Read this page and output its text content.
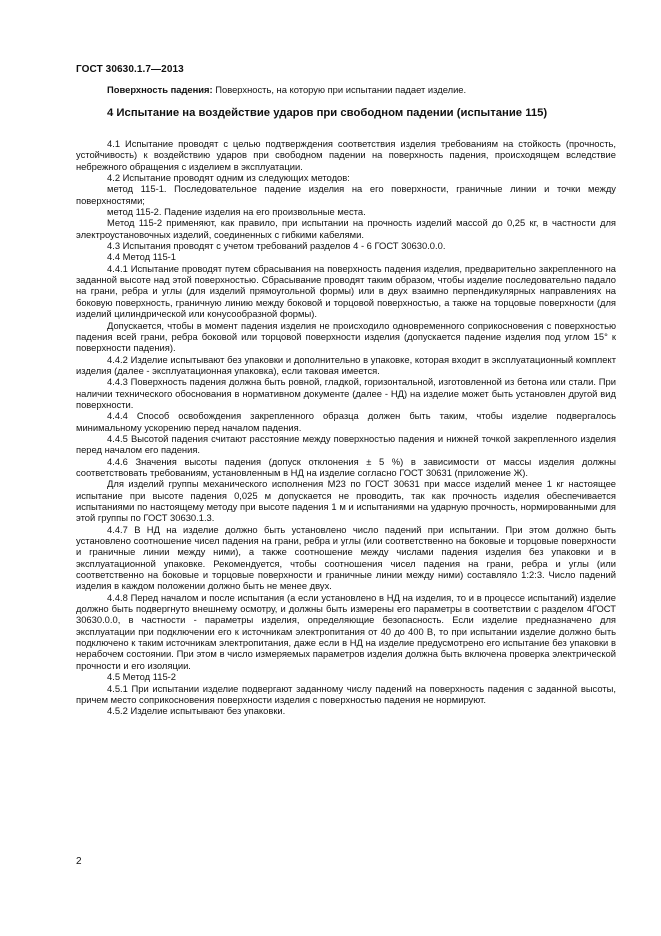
ГОСТ 30630.1.7—2013
Поверхность падения: Поверхность, на которую при испытании падает изделие.
4 Испытание на воздействие ударов при свободном падении (испытание 115)

4.1 Испытание проводят с целью подтверждения соответствия изделия требованиям на стойкость (прочность, устойчивость) к воздействию ударов при свободном падении на поверхность падения, происходящем вследствие небрежного обращения с изделием в эксплуатации.

4.2 Испытание проводят одним из следующих методов:

метод 115-1. Последовательное падение изделия на его поверхности, граничные линии и точки между поверхностями;

метод 115-2. Падение изделия на его произвольные места.

Метод 115-2 применяют, как правило, при испытании на прочность изделий массой до 0,25 кг, в частности для электроустановочных изделий, соединенных с гибкими кабелями.

4.3 Испытания проводят с учетом требований разделов 4 - 6 ГОСТ 30630.0.0.

4.4 Метод 115-1

4.4.1 Испытание проводят путем сбрасывания на поверхность падения изделия, предварительно закрепленного на заданной высоте над этой поверхностью. Сбрасывание проводят таким образом, чтобы изделие последовательно падало на грани, ребра и углы (для изделий прямоугольной формы) или в двух взаимно перпендикулярных направлениях на боковую поверхность, граничную линию между боковой и торцовой поверхностью, а также на торцовые поверхности (для изделий цилиндрической или конусообразной формы).

Допускается, чтобы в момент падения изделия не происходило одновременного соприкосновения с поверхностью падения всей грани, ребра боковой или торцовой поверхности изделия (допускается падение изделия под углом 15° к поверхности падения).

4.4.2 Изделие испытывают без упаковки и дополнительно в упаковке, которая входит в эксплуатационный комплект изделия (далее - эксплуатационная упаковка), если таковая имеется.

4.4.3 Поверхность падения должна быть ровной, гладкой, горизонтальной, изготовленной из бетона или стали. При наличии технического обоснования в нормативном документе (далее - НД) на изделие может быть установлен другой вид поверхности.

4.4.4 Способ освобождения закрепленного образца должен быть таким, чтобы изделие подвергалось минимальному ускорению перед началом падения.

4.4.5 Высотой падения считают расстояние между поверхностью падения и нижней точкой закрепленного изделия перед началом его падения.

4.4.6 Значения высоты падения (допуск отклонения ± 5 %) в зависимости от массы изделия должны соответствовать требованиям, установленным в НД на изделие согласно ГОСТ 30631 (приложение Ж).

Для изделий группы механического исполнения М23 по ГОСТ 30631 при массе изделий менее 1 кг настоящее испытание при высоте падения 0,025 м допускается не проводить, так как прочность изделия обеспечивается испытаниями по настоящему методу при высоте падения 1 м и испытаниями на ударную прочность, нормированными для этой группы по ГОСТ 30630.1.3.

4.4.7 В НД на изделие должно быть установлено число падений при испытании. При этом должно быть установлено соотношение чисел падения на грани, ребра и углы (или соответственно на боковые и торцовые поверхности и граничные линии между ними), а также соотношение между числами падения изделия без упаковки и в эксплуатационной упаковке. Рекомендуется, чтобы соотношения чисел падения на грани, ребра и углы (или соответственно на боковые и торцовые поверхности и граничные линии между ними) составляло 1:2:3. Число падений изделия в каждом положении должно быть не менее двух.

4.4.8 Перед началом и после испытания (а если установлено в НД на изделия, то и в процессе испытаний) изделие должно быть подвергнуто внешнему осмотру, и должны быть измерены его параметры в соответствии с разделом 4ГОСТ 30630.0.0, в частности - параметры изделия, определяющие безопасность. Если изделие предназначено для эксплуатации при подключении его к источникам электропитания от 40 до 400 В, то при испытании изделие должно быть подключено к таким источникам электропитания, даже если в НД на изделие предусмотрено его испытание без упаковки в нерабочем состоянии. При этом в число измеряемых параметров изделия должна быть включена проверка электрической прочности и его изоляции.

4.5 Метод 115-2

4.5.1 При испытании изделие подвергают заданному числу падений на поверхность падения с заданной высоты, причем место соприкосновения поверхности изделия с поверхностью падения не нормируют.

4.5.2 Изделие испытывают без упаковки.

2
